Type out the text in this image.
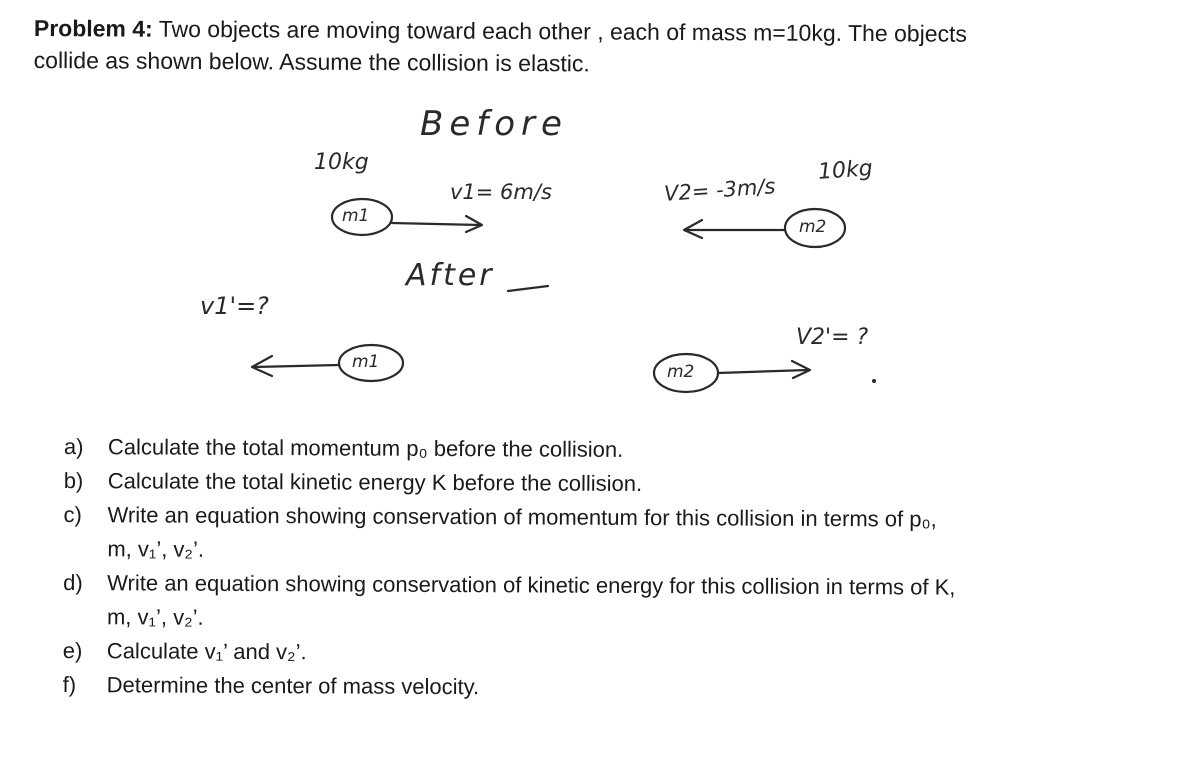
Problem 4: Two objects are moving toward each other , each of mass m=10kg. The objects
collide as shown below. Assume the collision is elastic.
Before
10kg	10kg
v1= 6m/s	V2= -3m/s
m1
m2
After
v1'=?
m1	m2
V2'= ?
a) Calculate the total momentum p₀ before the collision.
b) Calculate the total kinetic energy K before the collision.
c) Write an equation showing conservation of momentum for this collision in terms of p₀,
m, v₁’, v₂’.
d) Write an equation showing conservation of kinetic energy for this collision in terms of K,
m, v₁’, v₂’.
e) Calculate v₁’ and v₂’.
f) Determine the center of mass velocity.
